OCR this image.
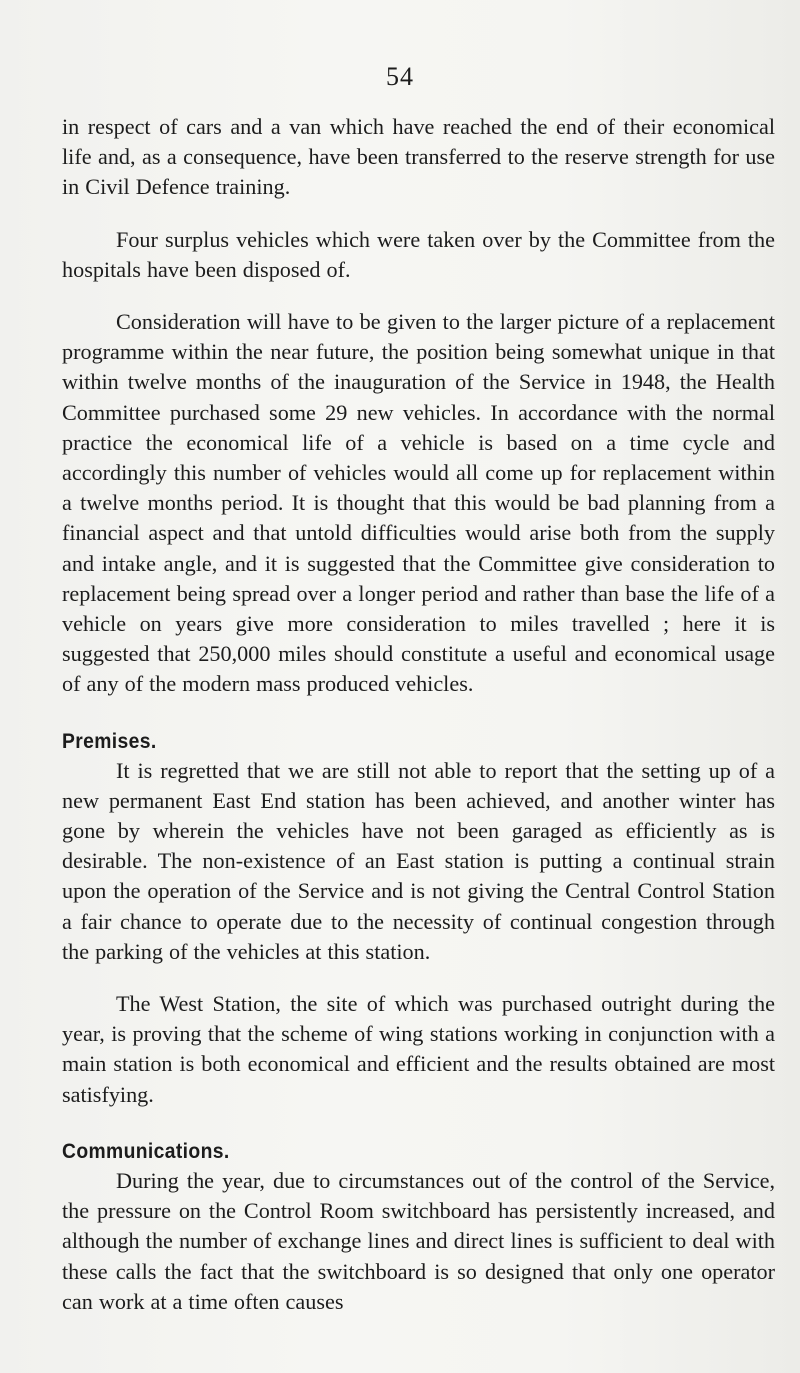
54

in respect of cars and a van which have reached the end of their economical life and, as a consequence, have been transferred to the reserve strength for use in Civil Defence training.

Four surplus vehicles which were taken over by the Committee from the hospitals have been disposed of.

Consideration will have to be given to the larger picture of a replacement programme within the near future, the position being somewhat unique in that within twelve months of the inauguration of the Service in 1948, the Health Committee purchased some 29 new vehicles. In accordance with the normal practice the economical life of a vehicle is based on a time cycle and accordingly this number of vehicles would all come up for replacement within a twelve months period. It is thought that this would be bad planning from a financial aspect and that untold difficulties would arise both from the supply and intake angle, and it is suggested that the Committee give consideration to replacement being spread over a longer period and rather than base the life of a vehicle on years give more consideration to miles travelled ; here it is suggested that 250,000 miles should constitute a useful and economical usage of any of the modern mass produced vehicles.

Premises.

It is regretted that we are still not able to report that the setting up of a new permanent East End station has been achieved, and another winter has gone by wherein the vehicles have not been garaged as efficiently as is desirable. The non-existence of an East station is putting a continual strain upon the operation of the Service and is not giving the Central Control Station a fair chance to operate due to the necessity of continual congestion through the parking of the vehicles at this station.

The West Station, the site of which was purchased outright during the year, is proving that the scheme of wing stations working in conjunction with a main station is both economical and efficient and the results obtained are most satisfying.

Communications.

During the year, due to circumstances out of the control of the Service, the pressure on the Control Room switchboard has persistently increased, and although the number of exchange lines and direct lines is sufficient to deal with these calls the fact that the switchboard is so designed that only one operator can work at a time often causes
